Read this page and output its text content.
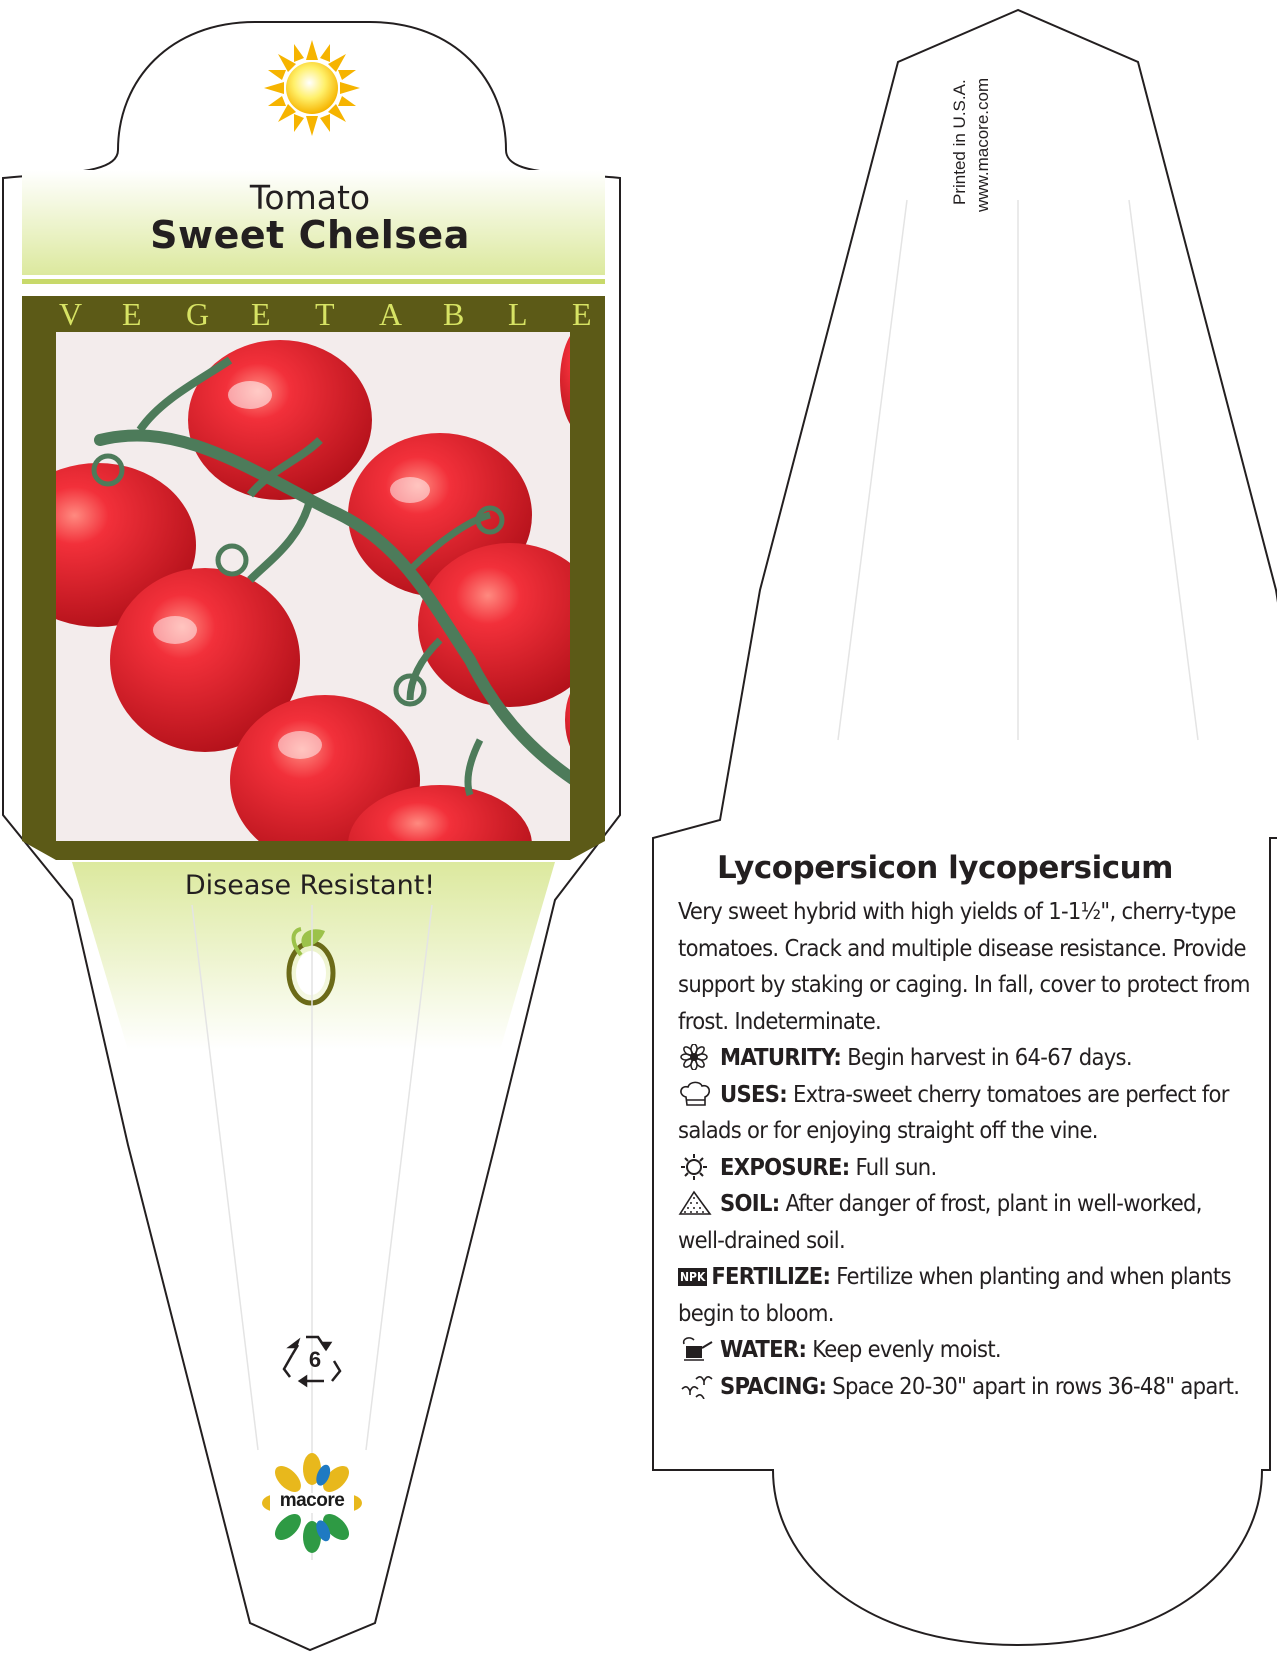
Tomato
Sweet Chelsea
V E G E T A B L E
Disease Resistant!
6
macore
Printed in U.S.A. www.macore.com
Lycopersicon lycopersicum

Very sweet hybrid with high yields of 1-1½", cherry-type tomatoes. Crack and multiple disease resistance. Provide support by staking or caging. In fall, cover to protect from frost. Indeterminate.

MATURITY: Begin harvest in 64-67 days.

USES: Extra-sweet cherry tomatoes are perfect for salads or for enjoying straight off the vine.

EXPOSURE: Full sun.

SOIL: After danger of frost, plant in well-worked, well-drained soil.

NPK FERTILIZE: Fertilize when planting and when plants begin to bloom.

WATER: Keep evenly moist.

SPACING: Space 20-30" apart in rows 36-48" apart.
